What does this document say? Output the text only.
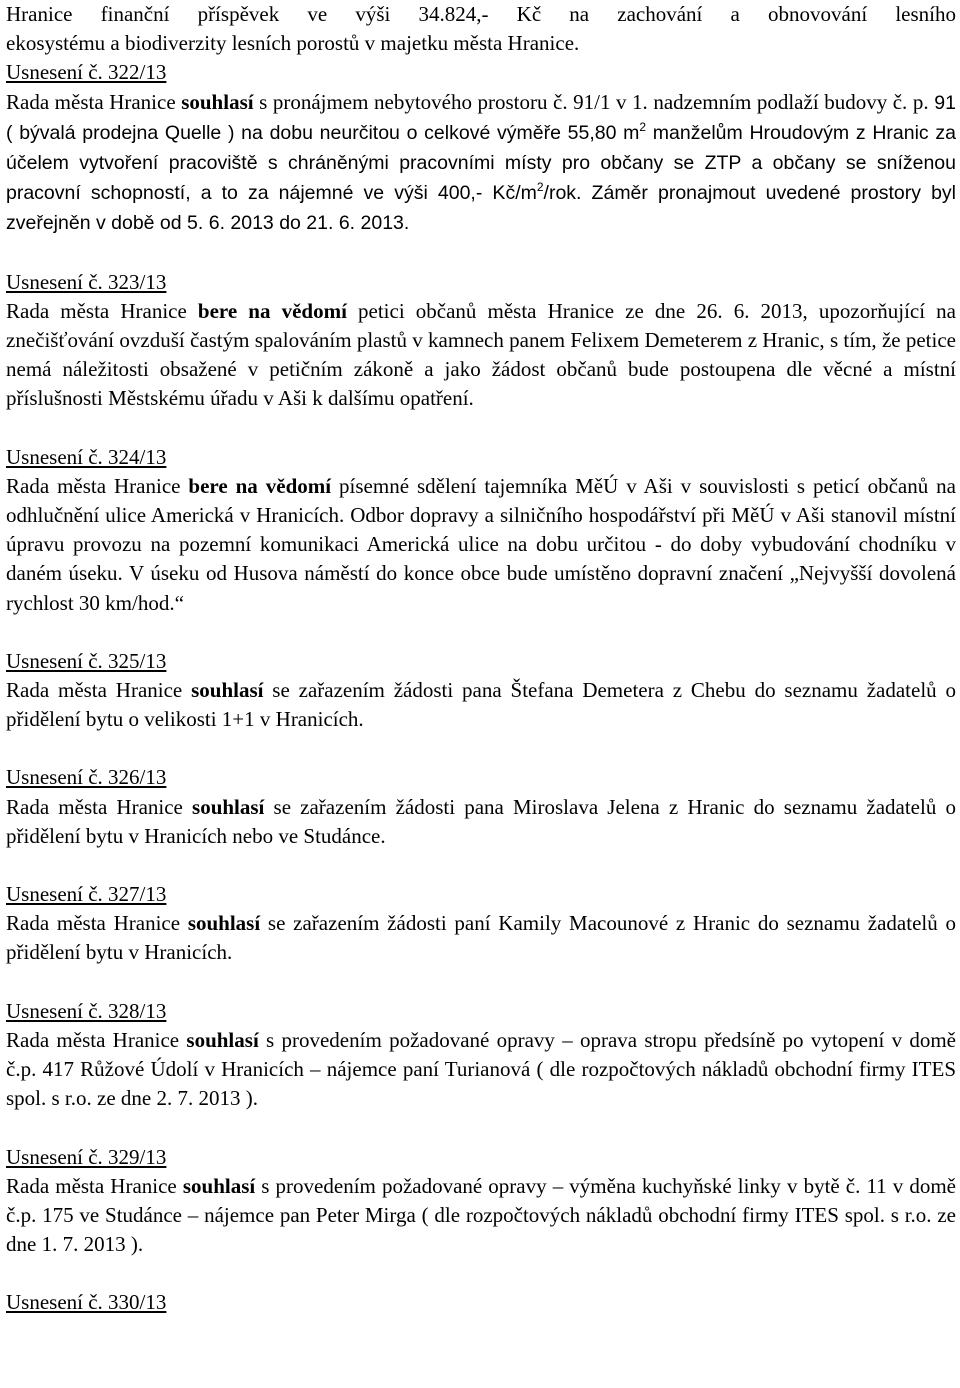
Hranice finanční příspěvek ve výši 34.824,- Kč na zachování a obnovování lesního

ekosystému a biodiverzity lesních porostů v majetku města Hranice.

Usnesení č. 322/13

Rada města Hranice souhlasí s pronájmem nebytového prostoru č. 91/1 v 1. nadzemním podlaží budovy č. p. 91 ( bývalá prodejna Quelle ) na dobu neurčitou o celkové výměře 55,80 $m^2$ manželům Hroudovým z Hranic za účelem vytvoření pracoviště s chráněnými pracovními místy pro občany se ZTP a občany se sníženou pracovní schopností, a to za nájemné ve výši 400,- $Kč/m^2$/rok. Záměr pronajmout uvedené prostory byl zveřejněn v době od 5. 6. 2013 do 21. 6. 2013.

Usnesení č. 323/13

Rada města Hranice bere na vědomí petici občanů města Hranice ze dne 26. 6. 2013, upozorňující na znečišťování ovzduší častým spalováním plastů v kamnech panem Felixem Demeterem z Hranic, s tím, že petice nemá náležitosti obsažené v petičním zákoně a jako žádost občanů bude postoupena dle věcné a místní příslušnosti Městskému úřadu v Aši k dalšímu opatření.

Usnesení č. 324/13

Rada města Hranice bere na vědomí písemné sdělení tajemníka MěÚ v Aši v souvislosti s peticí občanů na odhlučnění ulice Americká v Hranicích. Odbor dopravy a silničního hospodářství při MěÚ v Aši stanovil místní úpravu provozu na pozemní komunikaci Americká ulice na dobu určitou - do doby vybudování chodníku v daném úseku. V úseku od Husova náměstí do konce obce bude umístěno dopravní značení „Nejvyšší dovolená rychlost 30 km/hod.“

Usnesení č. 325/13

Rada města Hranice souhlasí se zařazením žádosti pana Štefana Demetera z Chebu do seznamu žadatelů o přidělení bytu o velikosti 1+1 v Hranicích.

Usnesení č. 326/13

Rada města Hranice souhlasí se zařazením žádosti pana Miroslava Jelena z Hranic do seznamu žadatelů o přidělení bytu v Hranicích nebo ve Studánce.

Usnesení č. 327/13

Rada města Hranice souhlasí se zařazením žádosti paní Kamily Macounové z Hranic do seznamu žadatelů o přidělení bytu v Hranicích.

Usnesení č. 328/13

Rada města Hranice souhlasí s provedením požadované opravy – oprava stropu předsíně po vytopení v domě č.p. 417 Růžové Údolí v Hranicích – nájemce paní Turianová ( dle rozpočtových nákladů obchodní firmy ITES spol. s r.o. ze dne 2. 7. 2013 ).

Usnesení č. 329/13

Rada města Hranice souhlasí s provedením požadované opravy – výměna kuchyňské linky v bytě č. 11 v domě č.p. 175 ve Studánce – nájemce pan Peter Mirga ( dle rozpočtových nákladů obchodní firmy ITES spol. s r.o. ze dne 1. 7. 2013 ).

Usnesení č. 330/13
